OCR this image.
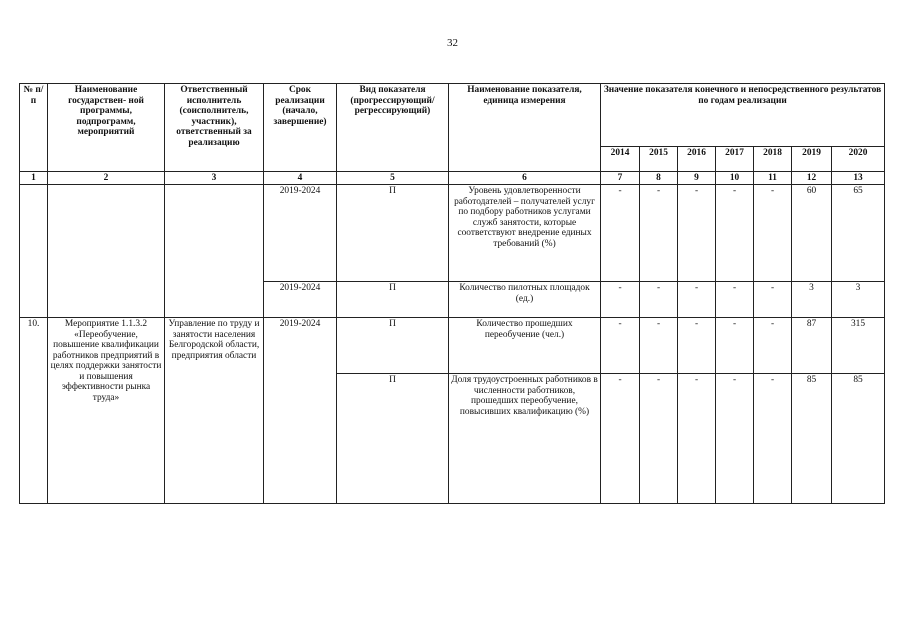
32
№ п/п	Наименование государствен- ной программы, подпрограмм, мероприятий	Ответственный исполнитель (соисполнитель, участник), ответственный за реализацию	Срок реализации (начало, завершение)	Вид показателя (прогрессирующий/ регрессирующий)	Наименование показателя, единица измерения	Значение показателя конечного и непосредственного результатов по годам реализации						
						2014	2015	2016	2017	2018	2019	2020
1	2	3	4	5	6	7	8	9	10	11	12	13
			2019-2024	П	Уровень удовлетворенности работодателей – получателей услуг по подбору работников услугами служб занятости, которые соответствуют внедрение единых требований (%)	-	-	-	-	-	60	65
			2019-2024	П	Количество пилотных площадок (ед.)	-	-	-	-	-	3	3
10.	Мероприятие 1.1.3.2 «Переобучение, повышение квалификации работников предприятий в целях поддержки занятости и повышения эффективности рынка труда»	Управление по труду и занятости населения Белгородской области, предприятия области	2019-2024	П	Количество прошедших переобучение (чел.)	-	-	-	-	-	87	315
				П	Доля трудоустроенных работников в численности работников, прошедших переобучение, повысивших квалификацию (%)	-	-	-	-	-	85	85
